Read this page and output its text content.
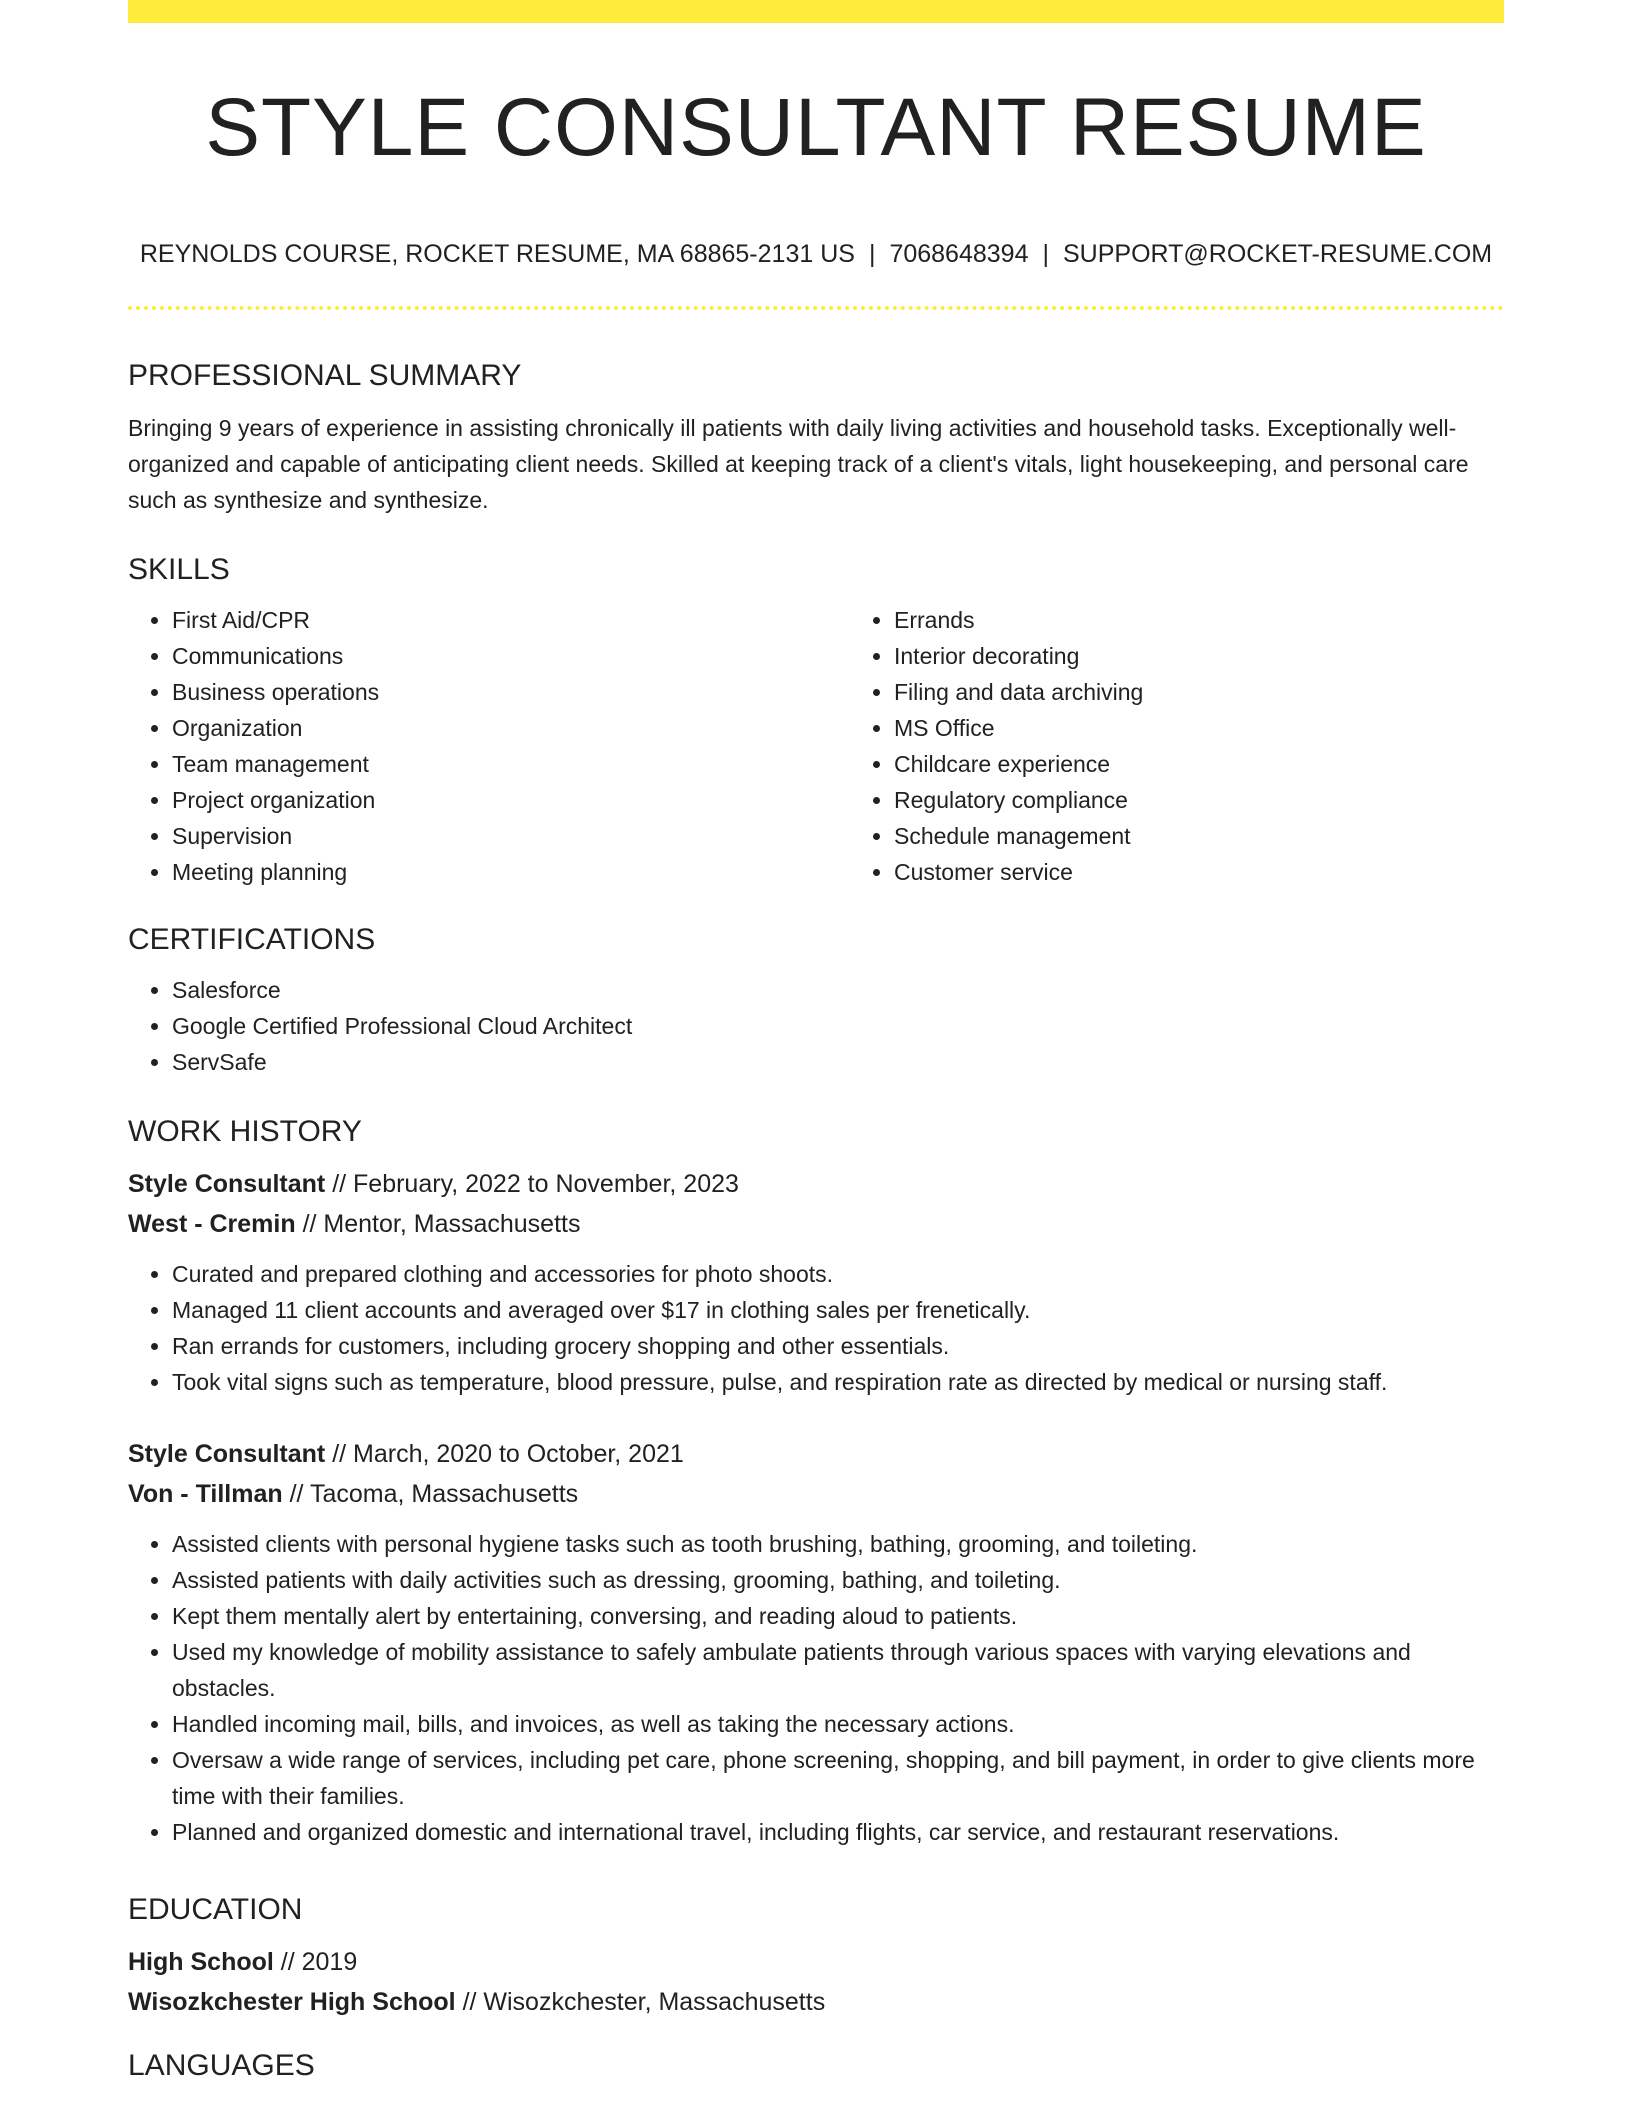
STYLE CONSULTANT RESUME
REYNOLDS COURSE, ROCKET RESUME, MA 68865-2131 US | 7068648394 | SUPPORT@ROCKET-RESUME.COM
PROFESSIONAL SUMMARY

Bringing 9 years of experience in assisting chronically ill patients with daily living activities and household tasks. Exceptionally well-organized and capable of anticipating client needs. Skilled at keeping track of a client's vitals, light housekeeping, and personal care such as synthesize and synthesize.

SKILLS
• First Aid/CPR
• Communications
• Business operations
• Organization
• Team management
• Project organization
• Supervision
• Meeting planning
• Errands
• Interior decorating
• Filing and data archiving
• MS Office
• Childcare experience
• Regulatory compliance
• Schedule management
• Customer service
CERTIFICATIONS
• Salesforce
• Google Certified Professional Cloud Architect
• ServSafe
WORK HISTORY

Style Consultant // February, 2022 to November, 2023

West - Cremin // Mentor, Massachusetts

• Curated and prepared clothing and accessories for photo shoots.
• Managed 11 client accounts and averaged over $17 in clothing sales per frenetically.
• Ran errands for customers, including grocery shopping and other essentials.
• Took vital signs such as temperature, blood pressure, pulse, and respiration rate as directed by medical or nursing staff.

Style Consultant // March, 2020 to October, 2021

Von - Tillman // Tacoma, Massachusetts

• Assisted clients with personal hygiene tasks such as tooth brushing, bathing, grooming, and toileting.
• Assisted patients with daily activities such as dressing, grooming, bathing, and toileting.
• Kept them mentally alert by entertaining, conversing, and reading aloud to patients.
• Used my knowledge of mobility assistance to safely ambulate patients through various spaces with varying elevations and obstacles.
• Handled incoming mail, bills, and invoices, as well as taking the necessary actions.
• Oversaw a wide range of services, including pet care, phone screening, shopping, and bill payment, in order to give clients more time with their families.
• Planned and organized domestic and international travel, including flights, car service, and restaurant reservations.
EDUCATION

High School // 2019

Wisozkchester High School // Wisozkchester, Massachusetts

LANGUAGES
